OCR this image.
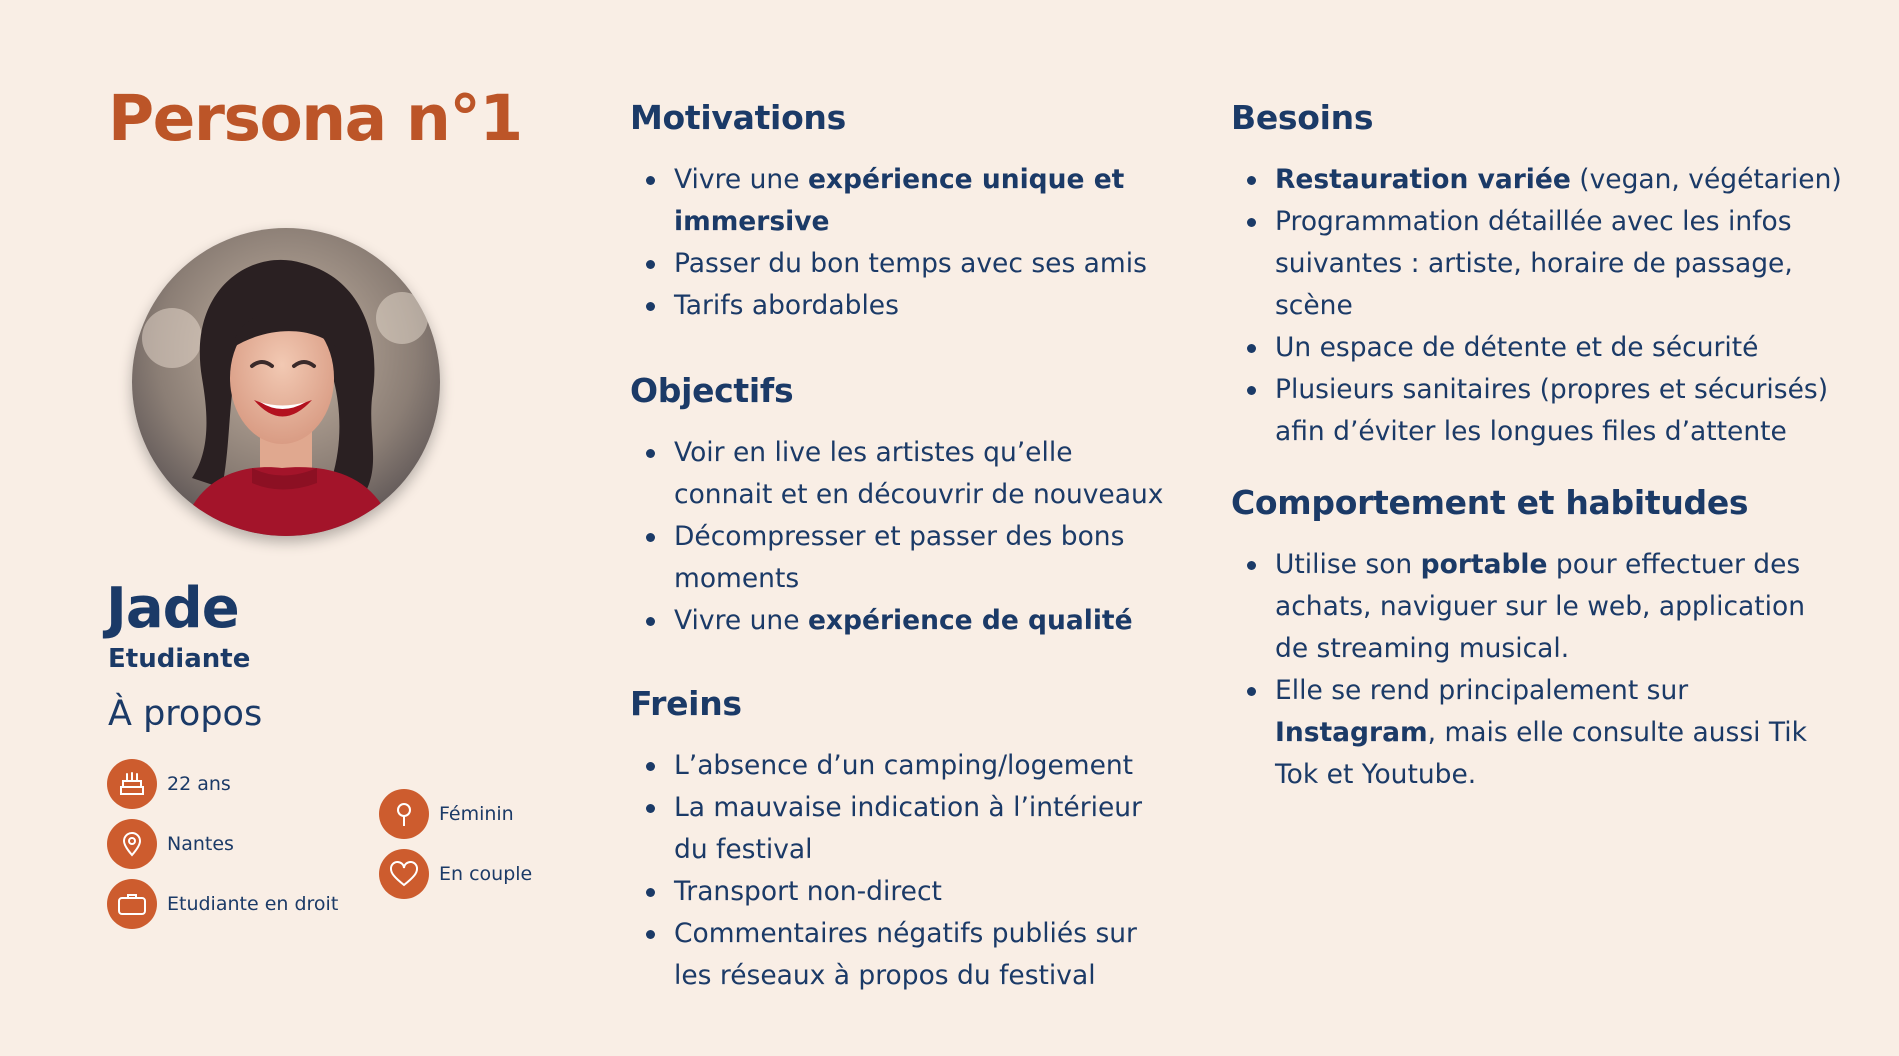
Persona n°1
Jade
Etudiante
À propos
22 ans
Nantes
Etudiante en droit
Féminin
En couple
Motivations
Vivre une expérience unique et immersive
Passer du bon temps avec ses amis
Tarifs abordables
Objectifs
Voir en live les artistes qu’elle connait et en découvrir de nouveaux
Décompresser et passer des bons moments
Vivre une expérience de qualité
Freins
L’absence d’un camping/logement
La mauvaise indication à l’intérieur du festival
Transport non-direct
Commentaires négatifs publiés sur les réseaux à propos du festival
Besoins
Restauration variée (vegan, végétarien)
Programmation détaillée avec les infos suivantes : artiste, horaire de passage, scène
Un espace de détente et de sécurité
Plusieurs sanitaires (propres et sécurisés) afin d’éviter les longues files d’attente
Comportement et habitudes
Utilise son portable pour effectuer des achats, naviguer sur le web, application de streaming musical.
Elle se rend principalement sur Instagram, mais elle consulte aussi Tik Tok et Youtube.
